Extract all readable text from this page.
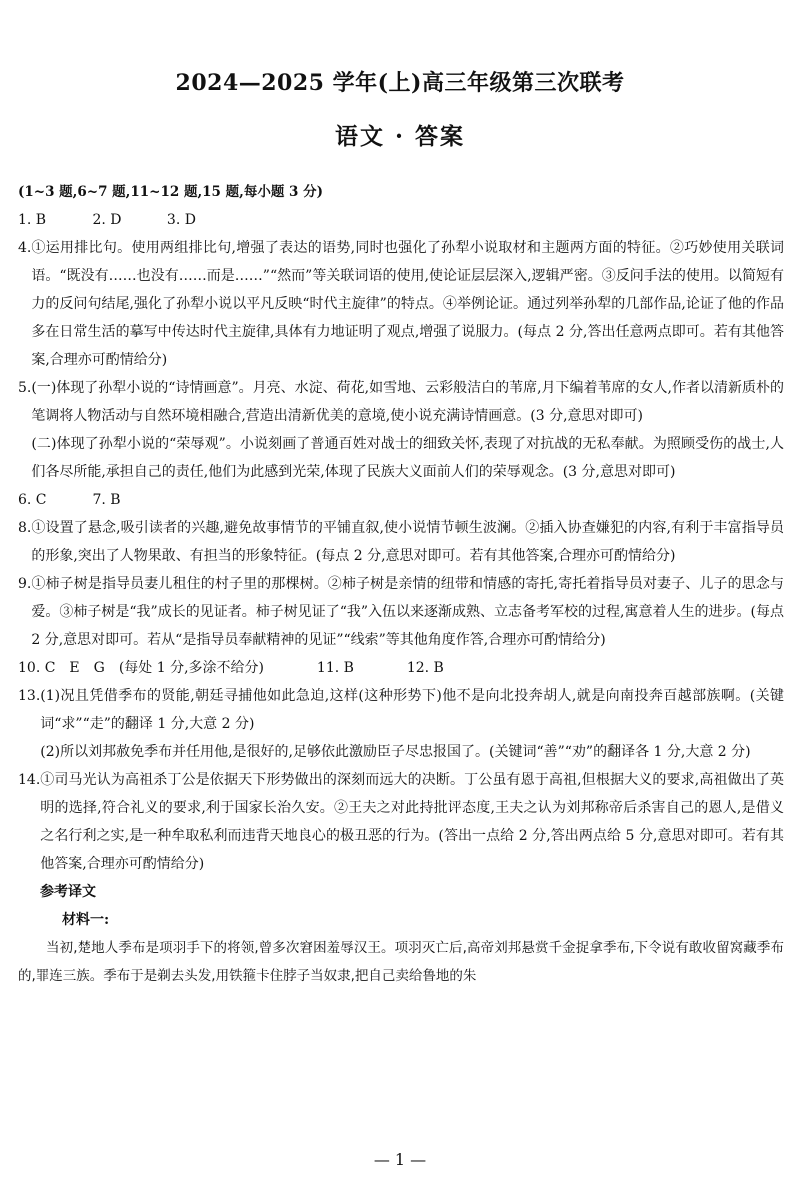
2024—2025 学年(上)高三年级第三次联考
语文 · 答案
(1~3 题,6~7 题,11~12 题,15 题,每小题 3 分)
1. B	2. D	3. D
4. ①运用排比句。使用两组排比句,增强了表达的语势,同时也强化了孙犁小说取材和主题两方面的特征。②巧妙使用关联词语。“既没有……也没有……而是……”“然而”等关联词语的使用,使论证层层深入,逻辑严密。③反问手法的使用。以简短有力的反问句结尾,强化了孙犁小说以平凡反映“时代主旋律”的特点。④举例论证。通过列举孙犁的几部作品,论证了他的作品多在日常生活的摹写中传达时代主旋律,具体有力地证明了观点,增强了说服力。(每点 2 分,答出任意两点即可。若有其他答案,合理亦可酌情给分)
5. (一)体现了孙犁小说的“诗情画意”。月亮、水淀、荷花,如雪地、云彩般洁白的苇席,月下编着苇席的女人,作者以清新质朴的笔调将人物活动与自然环境相融合,营造出清新优美的意境,使小说充满诗情画意。(3 分,意思对即可)
(二)体现了孙犁小说的“荣辱观”。小说刻画了普通百姓对战士的细致关怀,表现了对抗战的无私奉献。为照顾受伤的战士,人们各尽所能,承担自己的责任,他们为此感到光荣,体现了民族大义面前人们的荣辱观念。(3 分,意思对即可)
6. C	7. B
8. ①设置了悬念,吸引读者的兴趣,避免故事情节的平铺直叙,使小说情节顿生波澜。②插入协查嫌犯的内容,有利于丰富指导员的形象,突出了人物果敢、有担当的形象特征。(每点 2 分,意思对即可。若有其他答案,合理亦可酌情给分)
9. ①柿子树是指导员妻儿租住的村子里的那棵树。②柿子树是亲情的纽带和情感的寄托,寄托着指导员对妻子、儿子的思念与爱。③柿子树是“我”成长的见证者。柿子树见证了“我”入伍以来逐渐成熟、立志备考军校的过程,寓意着人生的进步。(每点 2 分,意思对即可。若从“是指导员奉献精神的见证”“线索”等其他角度作答,合理亦可酌情给分)
10. C　E　G　(每处 1 分,多涂不给分)	11. B	12. B
13. (1)况且凭借季布的贤能,朝廷寻捕他如此急迫,这样(这种形势下)他不是向北投奔胡人,就是向南投奔百越部族啊。(关键词“求”“走”的翻译 1 分,大意 2 分)
(2)所以刘邦赦免季布并任用他,是很好的,足够依此激励臣子尽忠报国了。(关键词“善”“劝”的翻译各 1 分,大意 2 分)
14. ①司马光认为高祖杀丁公是依据天下形势做出的深刻而远大的决断。丁公虽有恩于高祖,但根据大义的要求,高祖做出了英明的选择,符合礼义的要求,利于国家长治久安。②王夫之对此持批评态度,王夫之认为刘邦称帝后杀害自己的恩人,是借义之名行利之实,是一种牟取私利而违背天地良心的极丑恶的行为。(答出一点给 2 分,答出两点给 5 分,意思对即可。若有其他答案,合理亦可酌情给分)
参考译文
材料一:
当初,楚地人季布是项羽手下的将领,曾多次窘困羞辱汉王。项羽灭亡后,高帝刘邦悬赏千金捉拿季布,下令说有敢收留窝藏季布的,罪连三族。季布于是剃去头发,用铁箍卡住脖子当奴隶,把自己卖给鲁地的朱
— 1 —
